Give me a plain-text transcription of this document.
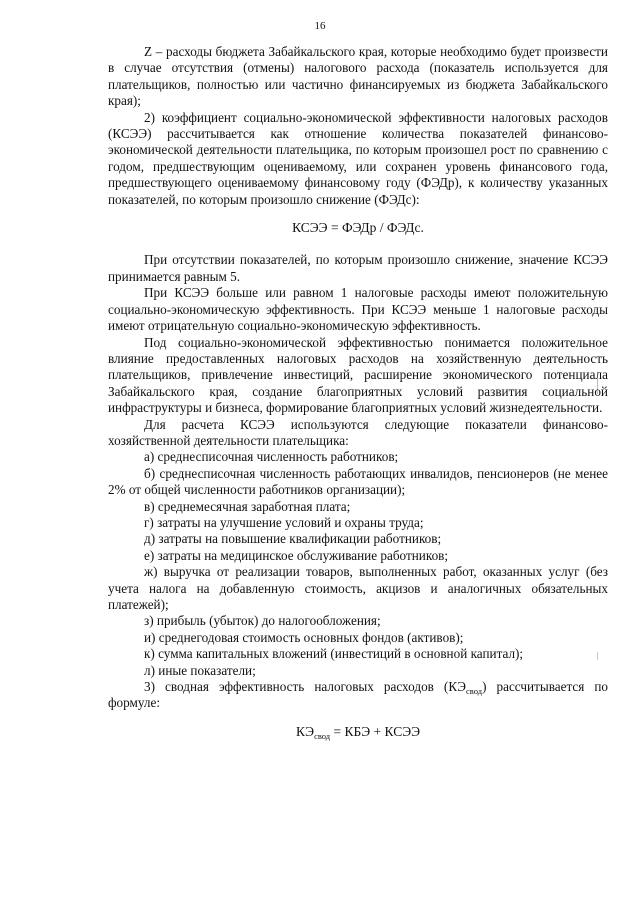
16

Z – расходы бюджета Забайкальского края, которые необходимо будет произвести в случае отсутствия (отмены) налогового расхода (показатель используется для плательщиков, полностью или частично финансируемых из бюджета Забайкальского края);

2) коэффициент социально-экономической эффективности налоговых расходов (КСЭЭ) рассчитывается как отношение количества показателей финансово-экономической деятельности плательщика, по которым произошел рост по сравнению с годом, предшествующим оцениваемому, или сохранен уровень финансового года, предшествующего оцениваемому финансовому году (ФЭДр), к количеству указанных показателей, по которым произошло снижение (ФЭДс):

КСЭЭ = ФЭДр / ФЭДс.

При отсутствии показателей, по которым произошло снижение, значение КСЭЭ принимается равным 5.

При КСЭЭ больше или равном 1 налоговые расходы имеют положительную социально-экономическую эффективность. При КСЭЭ меньше 1 налоговые расходы имеют отрицательную социально-экономическую эффективность.

Под социально-экономической эффективностью понимается положительное влияние предоставленных налоговых расходов на хозяйственную деятельность плательщиков, привлечение инвестиций, расширение экономического потенциала Забайкальского края, создание благоприятных условий развития социальной инфраструктуры и бизнеса, формирование благоприятных условий жизнедеятельности.

Для расчета КСЭЭ используются следующие показатели финансово-хозяйственной деятельности плательщика:

а) среднесписочная численность работников;

б) среднесписочная численность работающих инвалидов, пенсионеров (не менее 2% от общей численности работников организации);

в) среднемесячная заработная плата;

г) затраты на улучшение условий и охраны труда;

д) затраты на повышение квалификации работников;

е) затраты на медицинское обслуживание работников;

ж) выручка от реализации товаров, выполненных работ, оказанных услуг (без учета налога на добавленную стоимость, акцизов и аналогичных обязательных платежей);

з) прибыль (убыток) до налогообложения;

и) среднегодовая стоимость основных фондов (активов);

к) сумма капитальных вложений (инвестиций в основной капитал);

л) иные показатели;

3) сводная эффективность налоговых расходов $(КЭ_{свод})$ рассчитывается по формуле:

$КЭ_{свод}$ = КБЭ + КСЭЭ
